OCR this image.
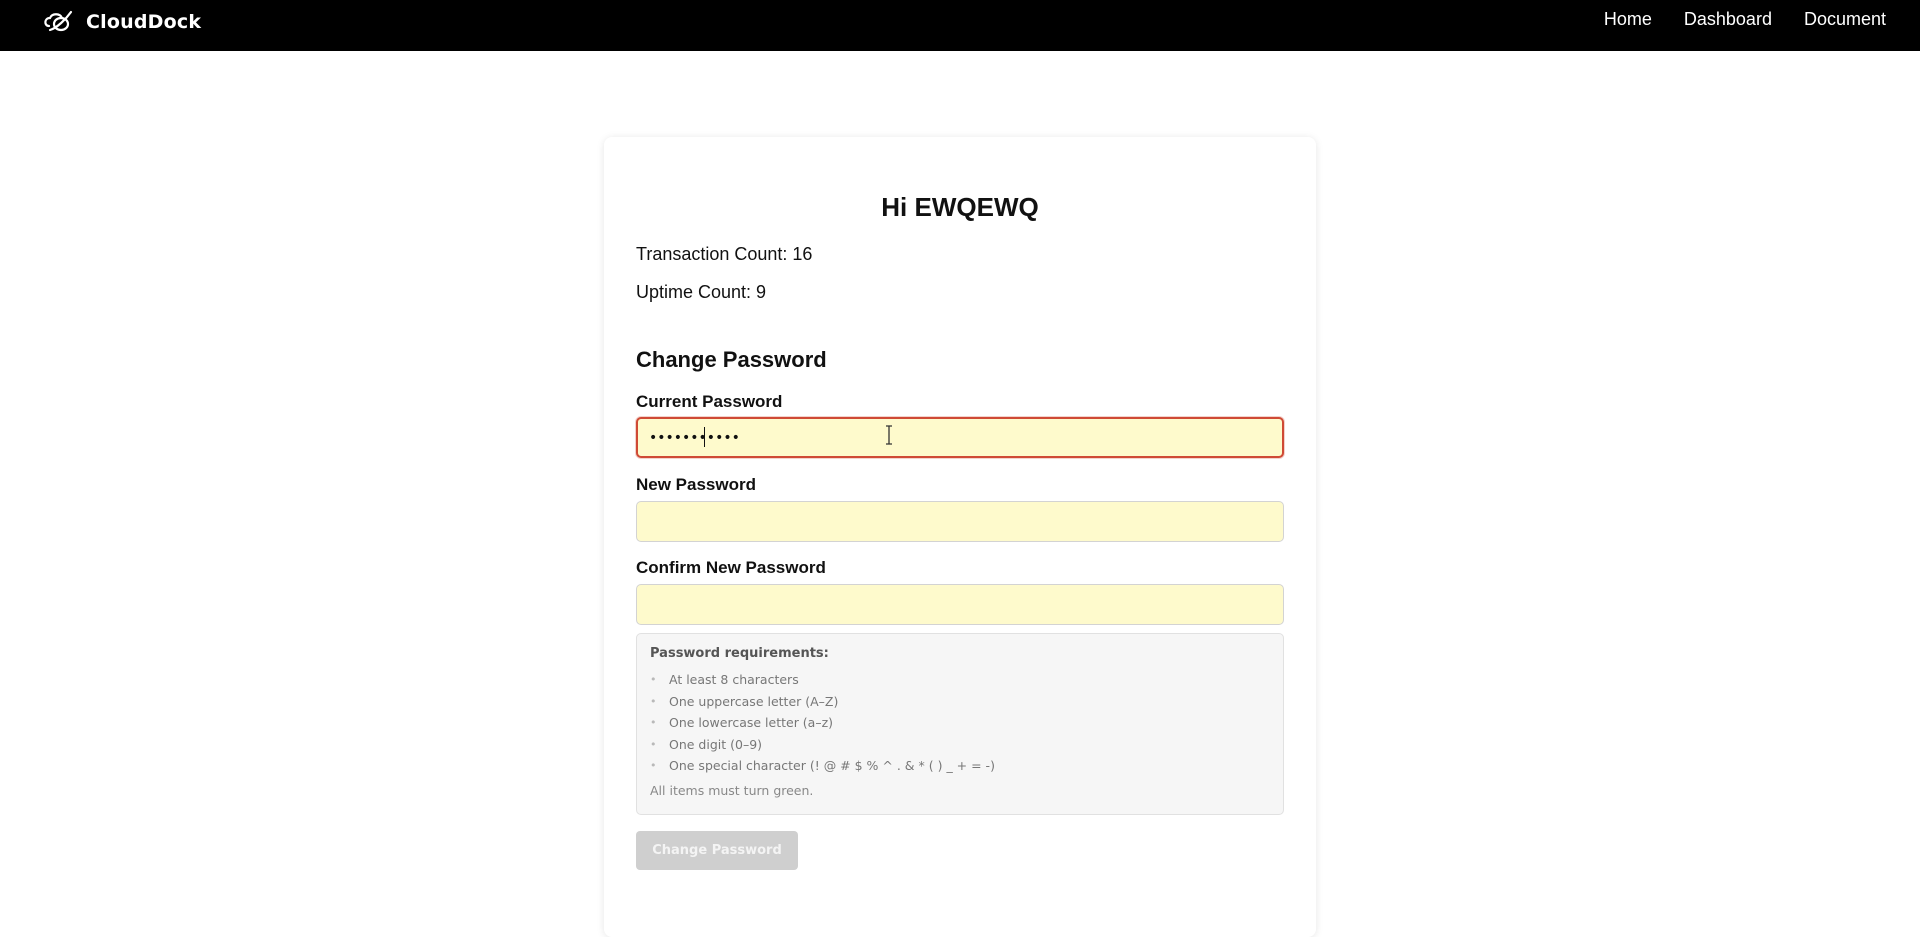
CloudDock	Home Dashboard Document
Hi EWQEWQ
Transaction Count: 16
Uptime Count: 9
Change Password
Current Password
•••••••••••
New Password
Confirm New Password
Password requirements:
• At least 8 characters
• One uppercase letter (A–Z)
• One lowercase letter (a–z)
• One digit (0–9)
• One special character (! @ # $ % ^ . & * ( ) _ + = -)
All items must turn green.
Change Password
